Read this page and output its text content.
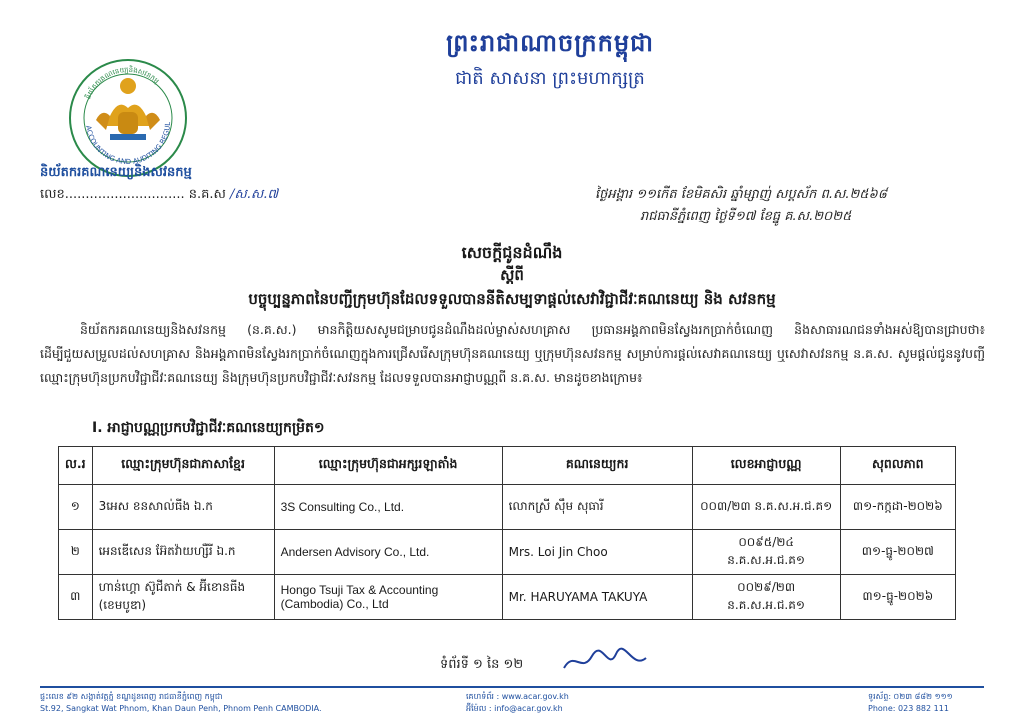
ព្រះរាជាណាចក្រកម្ពុជា
ជាតិ សាសនា ព្រះមហាក្សត្រ
ACCOUNTING AND AUDITING REGUL
និយ័តករគណនេយ្យនិងសវនកម្ម
និយ័តករគណនេយ្យនិងសវនកម្ម
លេខ............................. ន.គ.ស /ស.ស.៧	ថ្ងៃអង្គារ ១១កើត ខែមិគសិរ ឆ្នាំម្សាញ់ សប្តស័ក ព.ស.២៥៦៨
រាជធានីភ្នំពេញ ថ្ងៃទី១៧ ខែធ្នូ គ.ស.២០២៥
សេចក្តីជូនដំណឹង
ស្តីពី
បច្ចុប្បន្នភាពនៃបញ្ជីក្រុមហ៊ុនដែលទទួលបាននីតិសម្បទាផ្តល់សេវាវិជ្ជាជីវៈគណនេយ្យ និង សវនកម្ម
និយ័តករគណនេយ្យនិងសវនកម្ម (ន.គ.ស.) មានកិត្តិយសសូមជម្រាបជូនដំណឹងដល់ម្ចាស់សហគ្រាស ប្រធានអង្គភាពមិនស្វែងរកប្រាក់ចំណេញ និងសាធារណជនទាំងអស់ឱ្យបានជ្រាបថា៖ ដើម្បីជួយសម្រួលដល់សហគ្រាស និងអង្គភាពមិនស្វែងរកប្រាក់ចំណេញក្នុងការជ្រើសរើសក្រុមហ៊ុនគណនេយ្យ ឬក្រុមហ៊ុនសវនកម្ម សម្រាប់ការផ្តល់សេវាគណនេយ្យ ឬសេវាសវនកម្ម ន.គ.ស. សូមផ្តល់ជូននូវបញ្ជីឈ្មោះក្រុមហ៊ុនប្រកបវិជ្ជាជីវៈគណនេយ្យ និងក្រុមហ៊ុនប្រកបវិជ្ជាជីវៈសវនកម្ម ដែលទទួលបានអាជ្ញាបណ្ណពី ន.គ.ស. មានដូចខាងក្រោម៖
I. អាជ្ញាបណ្ណប្រកបវិជ្ជាជីវៈគណនេយ្យកម្រិត១
ល.រ	ឈ្មោះក្រុមហ៊ុនជាភាសាខ្មែរ	ឈ្មោះក្រុមហ៊ុនជាអក្សរឡាតាំង	គណនេយ្យករ	លេខអាជ្ញាបណ្ណ	សុពលភាព
១	3អេស ខនសាល់ធីង ឯ.ក	3S Consulting Co., Ltd.	លោកស្រី ស៊ឹម សុធារី	០០៣/២៣ ន.គ.ស.អ.ជ.គ១	៣១-កក្កដា-២០២៦
២	អេនឌើសេន អ៊ែតវ៉ាយហ្សឺរី ឯ.ក	Andersen Advisory Co., Ltd.	Mrs. Loi Jin Choo	០០៩៥/២៤ ន.គ.ស.អ.ជ.គ១	៣១-ធ្នូ-២០២៧
៣	ហាន់ហ្គោ ស៊ូជីតាក់ & អ៊ីខោនធីង (ខេមបូឌា)	Hongo Tsuji Tax & Accounting (Cambodia) Co., Ltd	Mr. HARUYAMA TAKUYA	០០២៩/២៣ ន.គ.ស.អ.ជ.គ១	៣១-ធ្នូ-២០២៦
ទំព័រទី ១ នៃ ១២
ផ្ទះលេខ ៩២ សង្កាត់វត្តភ្នំ ខណ្ឌដូនពេញ រាជធានីភ្នំពេញ កម្ពុជា
St.92, Sangkat Wat Phnom, Khan Daun Penh, Phnom Penh CAMBODIA.
គេហទំព័រ : www.acar.gov.kh
អ៊ីម៉ែល : info@acar.gov.kh
ទូរស័ព្ទ: ០២៣ ៨៨២ ១១១
Phone: 023 882 111
